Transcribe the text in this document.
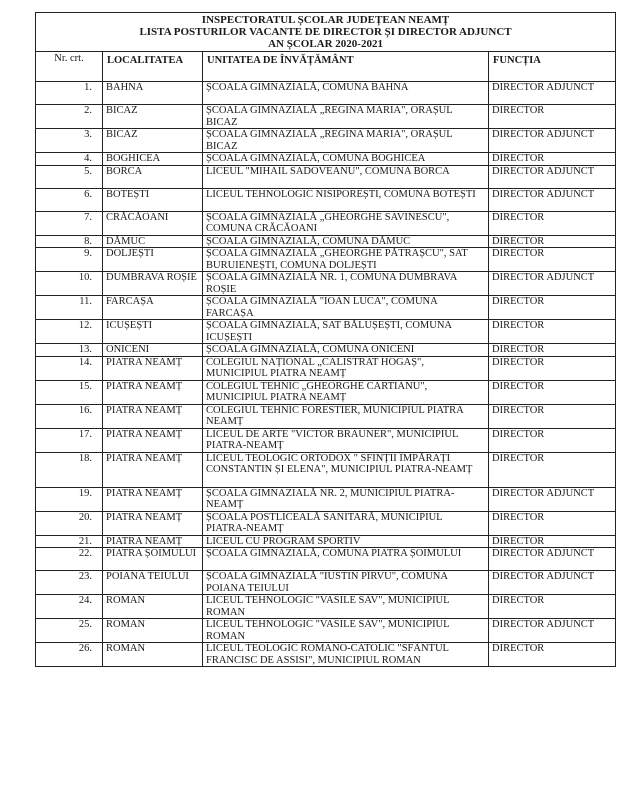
INSPECTORATUL ȘCOLAR JUDEȚEAN NEAMȚ
LISTA POSTURILOR VACANTE DE DIRECTOR ȘI DIRECTOR ADJUNCT
AN ȘCOLAR 2020-2021			

Nr. crt.	LOCALITATEA	UNITATEA DE ÎNVĂȚĂMÂNT	FUNCȚIA
1.	BAHNA	ȘCOALA GIMNAZIALĂ, COMUNA BAHNA	DIRECTOR ADJUNCT
2.	BICAZ	ȘCOALA GIMNAZIALĂ „REGINA MARIA", ORAȘUL BICAZ	DIRECTOR
3.	BICAZ	ȘCOALA GIMNAZIALĂ „REGINA MARIA", ORAȘUL BICAZ	DIRECTOR ADJUNCT
4.	BOGHICEA	ȘCOALA GIMNAZIALĂ, COMUNA BOGHICEA	DIRECTOR
5.	BORCA	LICEUL "MIHAIL SADOVEANU", COMUNA BORCA	DIRECTOR ADJUNCT
6.	BOTEȘTI	LICEUL TEHNOLOGIC NISIPOREȘTI, COMUNA BOTEȘTI	DIRECTOR ADJUNCT
7.	CRĂCĂOANI	ȘCOALA GIMNAZIALĂ „GHEORGHE SAVINESCU", COMUNA CRĂCĂOANI	DIRECTOR
8.	DĂMUC	ȘCOALA GIMNAZIALĂ, COMUNA DĂMUC	DIRECTOR
9.	DOLJEȘTI	ȘCOALA GIMNAZIALĂ „GHEORGHE PĂTRAȘCU", SAT BURUIENEȘTI, COMUNA DOLJEȘTI	DIRECTOR
10.	DUMBRAVA ROȘIE	ȘCOALA GIMNAZIALĂ NR. 1, COMUNA DUMBRAVA ROȘIE	DIRECTOR ADJUNCT
11.	FARCAȘA	ȘCOALA GIMNAZIALĂ "IOAN LUCA", COMUNA FARCAȘA	DIRECTOR
12.	ICUȘEȘTI	ȘCOALA GIMNAZIALĂ, SAT BĂLUȘEȘTI, COMUNA ICUȘEȘTI	DIRECTOR
13.	ONICENI	ȘCOALA GIMNAZIALĂ, COMUNA ONICENI	DIRECTOR
14.	PIATRA NEAMȚ	COLEGIUL NAȚIONAL „CALISTRAT HOGAȘ", MUNICIPIUL PIATRA NEAMȚ	DIRECTOR
15.	PIATRA NEAMȚ	COLEGIUL TEHNIC „GHEORGHE CARTIANU", MUNICIPIUL PIATRA NEAMȚ	DIRECTOR
16.	PIATRA NEAMȚ	COLEGIUL TEHNIC FORESTIER, MUNICIPIUL PIATRA NEAMȚ	DIRECTOR
17.	PIATRA NEAMȚ	LICEUL DE ARTE "VICTOR BRAUNER", MUNICIPIUL PIATRA-NEAMȚ	DIRECTOR
18.	PIATRA NEAMȚ	LICEUL TEOLOGIC ORTODOX " SFINȚII ÎMPĂRAȚI CONSTANTIN ȘI ELENA", MUNICIPIUL PIATRA-NEAMȚ	DIRECTOR
19.	PIATRA NEAMȚ	ȘCOALA GIMNAZIALĂ NR. 2, MUNICIPIUL PIATRA-NEAMȚ	DIRECTOR ADJUNCT
20.	PIATRA NEAMȚ	ȘCOALA POSTLICEALĂ SANITARĂ, MUNICIPIUL PIATRA-NEAMȚ	DIRECTOR
21.	PIATRA NEAMȚ	LICEUL CU PROGRAM SPORTIV	DIRECTOR
22.	PIATRA ȘOIMULUI	ȘCOALA GIMNAZIALĂ, COMUNA PIATRA ȘOIMULUI	DIRECTOR ADJUNCT
23.	POIANA TEIULUI	ȘCOALA GIMNAZIALĂ "IUSTIN PÎRVU", COMUNA POIANA TEIULUI	DIRECTOR ADJUNCT
24.	ROMAN	LICEUL TEHNOLOGIC "VASILE SAV", MUNICIPIUL ROMAN	DIRECTOR
25.	ROMAN	LICEUL TEHNOLOGIC "VASILE SAV", MUNICIPIUL ROMAN	DIRECTOR ADJUNCT
26.	ROMAN	LICEUL TEOLOGIC ROMANO-CATOLIC "SFÂNTUL FRANCISC DE ASSISI", MUNICIPIUL ROMAN	DIRECTOR
